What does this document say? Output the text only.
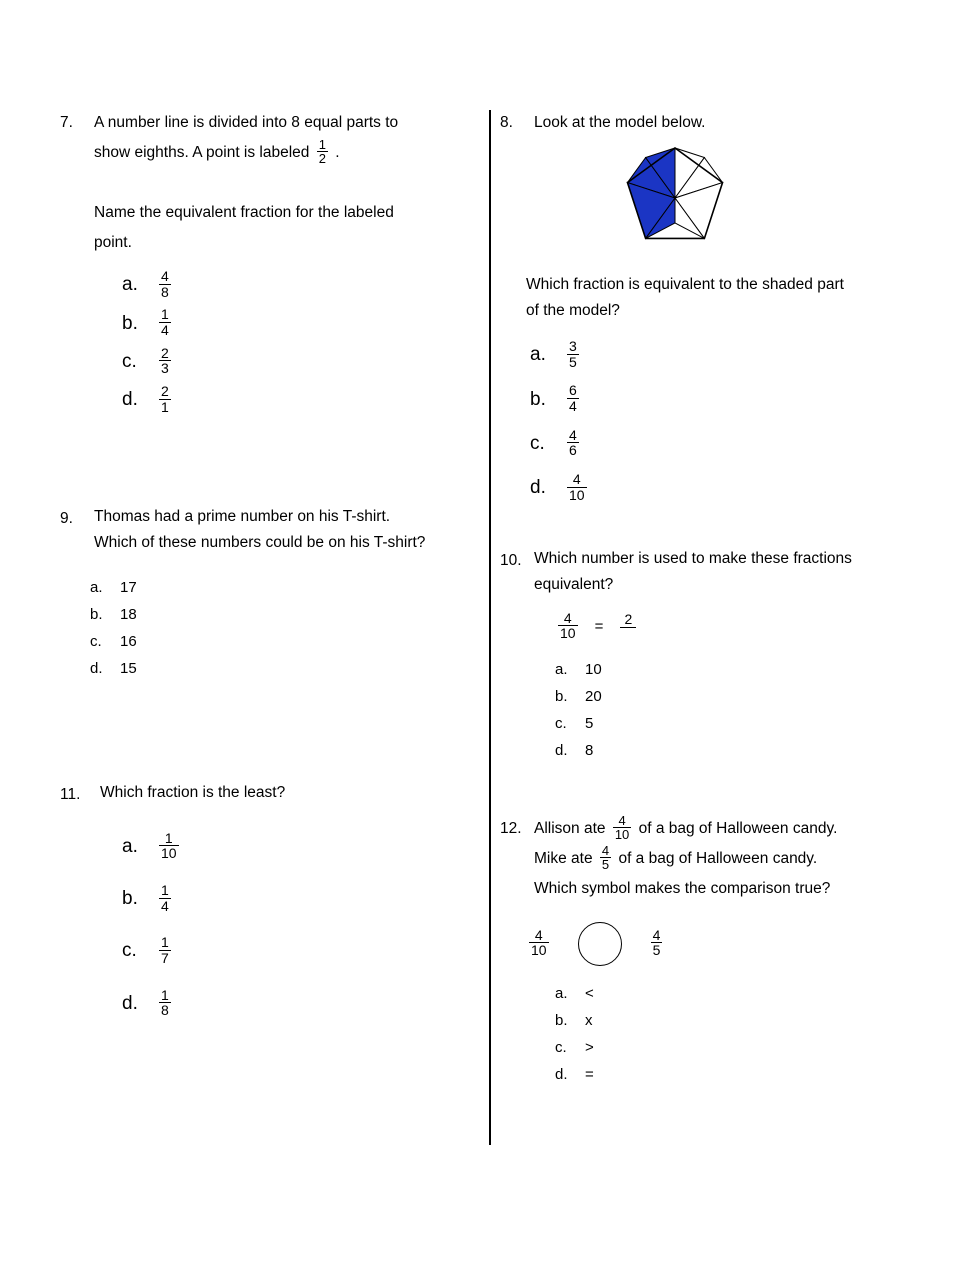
7.	A number line is divided into 8 equal parts to
show eighths. A point is labeled $\frac{1}{2}$ .
Name the equivalent fraction for the labeled
point.
a.	$\frac{4}{8}$
b.	$\frac{1}{4}$
c.	$\frac{2}{3}$
d.	$\frac{2}{1}$
9.	Thomas had a prime number on his T-shirt.
Which of these numbers could be on his T-shirt?
a.	17
b.	18
c.	16
d.	15
11.	Which fraction is the least?
a.	$\frac{1}{10}$
b.	$\frac{1}{4}$
c.	$\frac{1}{7}$
d.	$\frac{1}{8}$
8.	Look at the model below.
Which fraction is equivalent to the shaded part
of the model?
a.	$\frac{3}{5}$
b.	$\frac{6}{4}$
c.	$\frac{4}{6}$
d.	$\frac{4}{10}$
10. Which number is used to make these fractions
equivalent?
$\frac{4}{10} = 2$
a.	10
b.	20
c.	5
d.	8
12. Allison ate $\frac{4}{10}$ of a bag of Halloween candy.
Mike ate $\frac{4}{5}$ of a bag of Halloween candy.
Which symbol makes the comparison true?
$\frac{4}{10}$	$\frac{4}{5}$
a.	<
b.	x
c.	>
d.	=
